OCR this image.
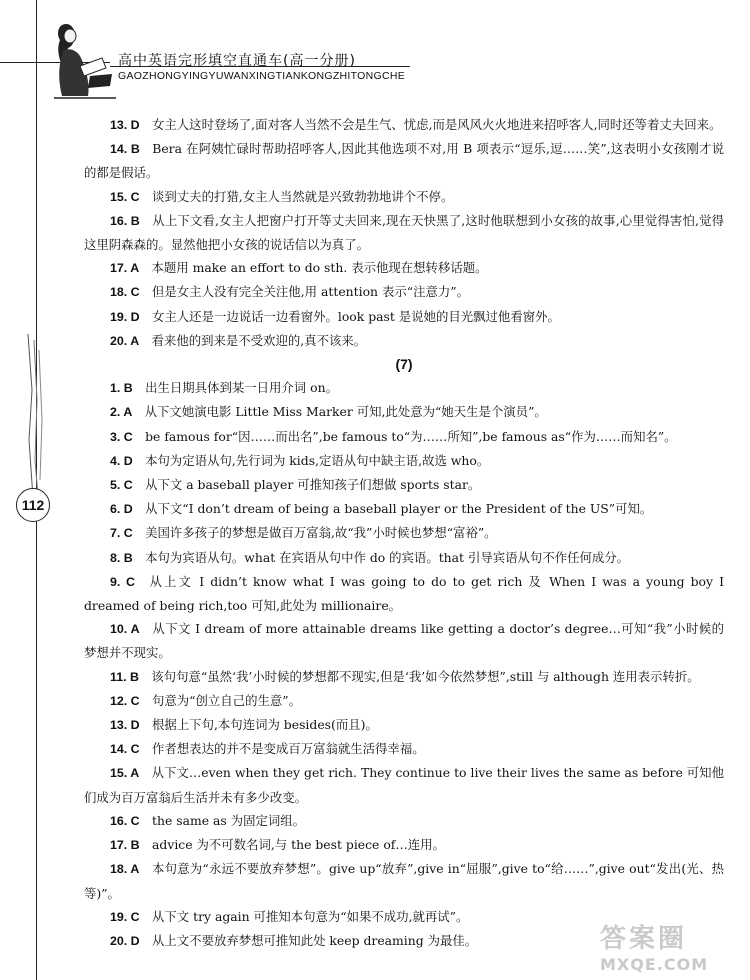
高中英语完形填空直通车(高一分册)
GAOZHONGYINGYUWANXINGTIANKONGZHITONGCHE
112

13. D  女主人这时登场了,面对客人当然不会是生气、忧虑,而是风风火火地进来招呼客人,同时还等着丈夫回来。

14. B  Bera 在阿姨忙碌时帮助招呼客人,因此其他选项不对,用 B 项表示“逗乐,逗……笑”,这表明小女孩刚才说的都是假话。

15. C  谈到丈夫的打猎,女主人当然就是兴致勃勃地讲个不停。

16. B  从上下文看,女主人把窗户打开等丈夫回来,现在天快黑了,这时他联想到小女孩的故事,心里觉得害怕,觉得这里阴森森的。显然他把小女孩的说话信以为真了。

17. A  本题用 make an effort to do sth. 表示他现在想转移话题。

18. C  但是女主人没有完全关注他,用 attention 表示“注意力”。

19. D  女主人还是一边说话一边看窗外。look past 是说她的目光飘过他看窗外。

20. A  看来他的到来是不受欢迎的,真不该来。

(7)

1. B  出生日期具体到某一日用介词 on。

2. A  从下文她演电影 Little Miss Marker 可知,此处意为“她天生是个演员”。

3. C  be famous for“因……而出名”,be famous to“为……所知”,be famous as“作为……而知名”。

4. D  本句为定语从句,先行词为 kids,定语从句中缺主语,故选 who。

5. C  从下文 a baseball player 可推知孩子们想做 sports star。

6. D  从下文“I don’t dream of being a baseball player or the President of the US”可知。

7. C  美国许多孩子的梦想是做百万富翁,故“我”小时候也梦想“富裕”。

8. B  本句为宾语从句。what 在宾语从句中作 do 的宾语。that 引导宾语从句不作任何成分。

9. C  从上文 I didn’t know what I was going to do to get rich 及 When I was a young boy I dreamed of being rich,too 可知,此处为 millionaire。

10. A  从下文 I dream of more attainable dreams like getting a doctor’s degree…可知“我”小时候的梦想并不现实。

11. B  该句句意“虽然‘我’小时候的梦想都不现实,但是‘我’如今依然梦想”,still 与 although 连用表示转折。

12. C  句意为“创立自己的生意”。

13. D  根据上下句,本句连词为 besides(而且)。

14. C  作者想表达的并不是变成百万富翁就生活得幸福。

15. A  从下文…even when they get rich. They continue to live their lives the same as before 可知他们成为百万富翁后生活并未有多少改变。

16. C  the same as 为固定词组。

17. B  advice 为不可数名词,与 the best piece of…连用。

18. A  本句意为“永远不要放弃梦想”。give up“放弃”,give in“屈服”,give to“给……”,give out“发出(光、热等)”。

19. C  从下文 try again 可推知本句意为“如果不成功,就再试”。

20. D  从上文不要放弃梦想可推知此处 keep dreaming 为最佳。	答案圈
MXQE.COM
